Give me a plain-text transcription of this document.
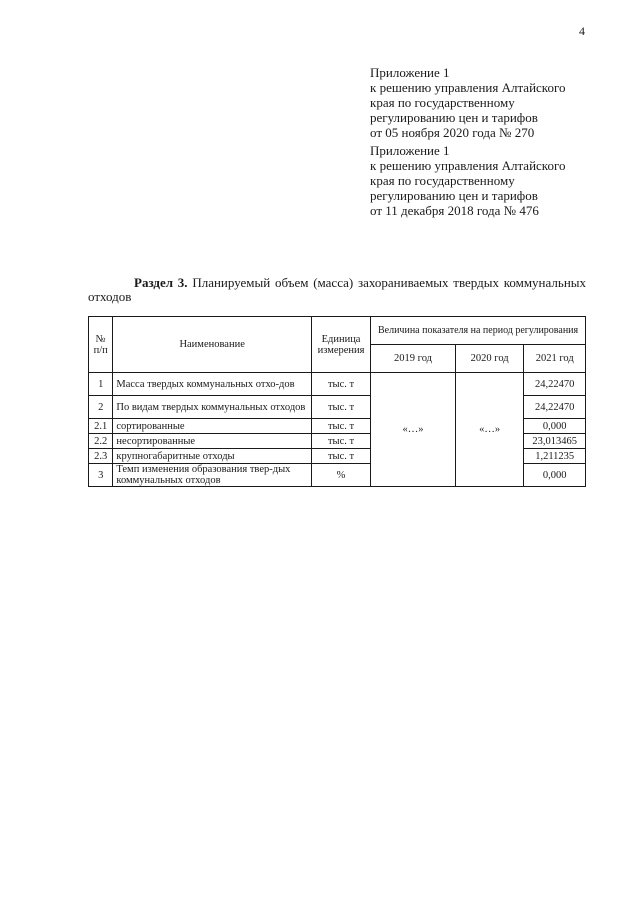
4
Приложение 1
к решению управления Алтайского
края по государственному
регулированию цен и тарифов
от 05 ноября 2020 года № 270
Приложение 1
к решению управления Алтайского
края по государственному
регулированию цен и тарифов
от 11 декабря 2018 года № 476
Раздел 3. Планируемый объем (масса) захораниваемых твердых коммунальных
отходов
№ п/п	Наименование	Единица измерения	Величина показателя на период регулирования		
			2019 год	2020 год	2021 год
1	Масса твердых коммунальных отхо-дов	тыс. т	«…»	«…»	24,22470
2	По видам твердых коммунальных отходов	тыс. т			24,22470
2.1	сортированные	тыс. т			0,000
2.2	несортированные	тыс. т			23,013465
2.3	крупногабаритные отходы	тыс. т			1,211235
3	Темп изменения образования твер-дых коммунальных отходов	%			0,000
